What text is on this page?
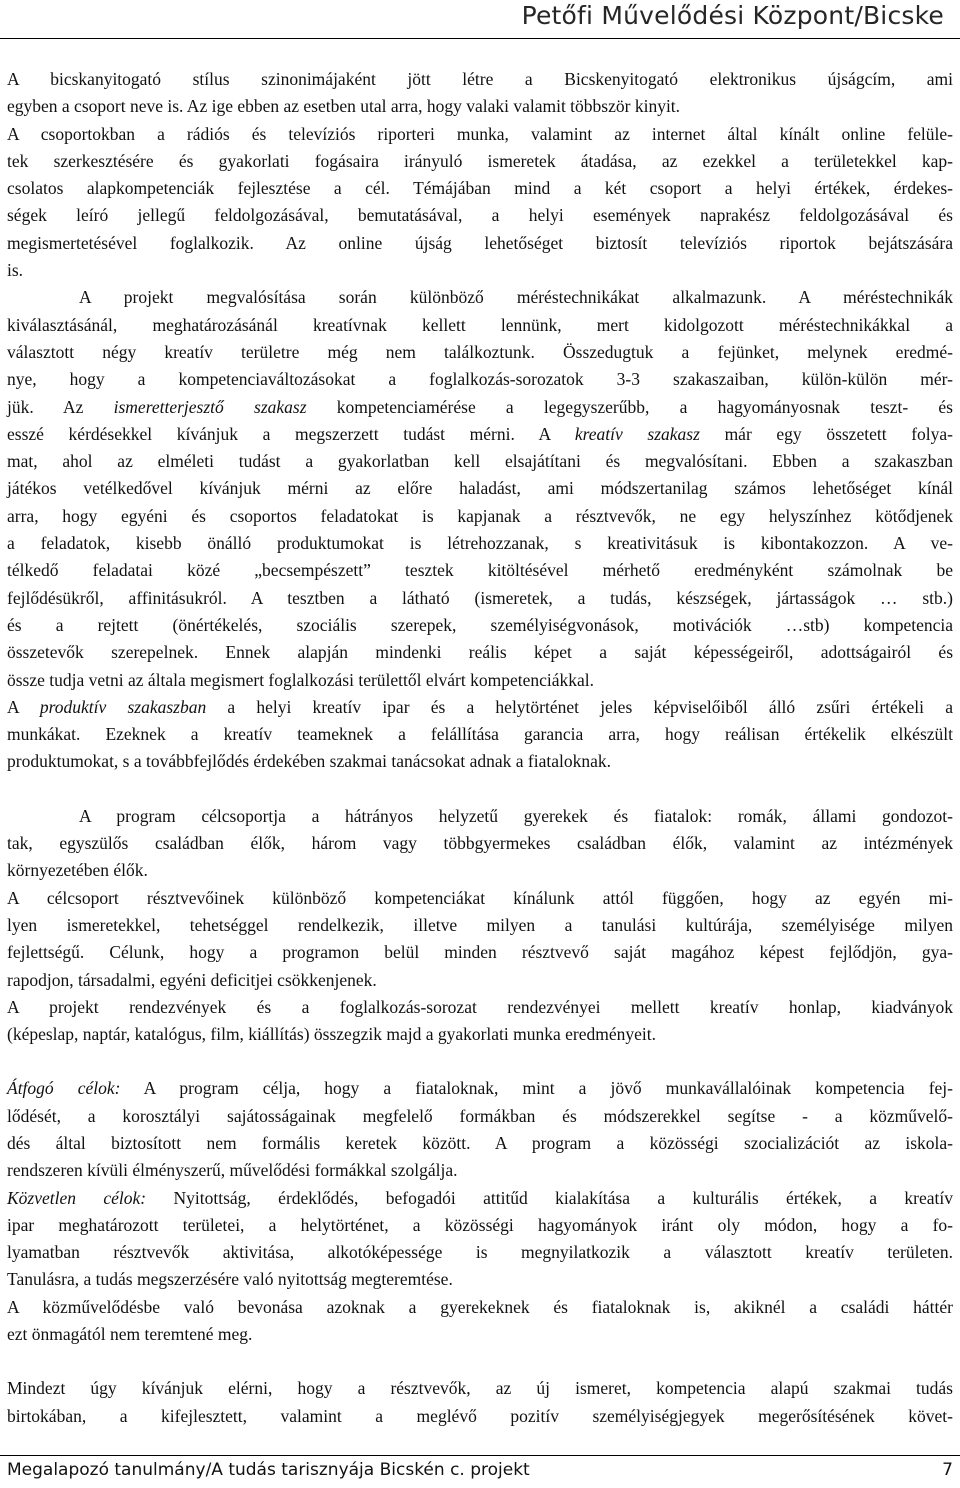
Petőfi Művelődési Központ/Bicske
A bicskanyitogató stílus szinonimájaként jött létre a Bicskenyitogató elektronikus újságcím, ami
egyben a csoport neve is. Az ige ebben az esetben utal arra, hogy valaki valamit többször kinyit.
A csoportokban a rádiós és televíziós riporteri munka, valamint az internet által kínált online felüle-
tek szerkesztésére és gyakorlati fogásaira irányuló ismeretek átadása, az ezekkel a területekkel kap-
csolatos alapkompetenciák fejlesztése a cél. Témájában mind a két csoport a helyi értékek, érdekes-
ségek leíró jellegű feldolgozásával, bemutatásával, a helyi események naprakész feldolgozásával és
megismertetésével foglalkozik. Az online újság lehetőséget biztosít televíziós riportok bejátszására
is.
A projekt megvalósítása során különböző méréstechnikákat alkalmazunk. A méréstechnikák
kiválasztásánál, meghatározásánál kreatívnak kellett lennünk, mert kidolgozott méréstechnikákkal a
választott négy kreatív területre még nem találkoztunk. Összedugtuk a fejünket, melynek eredmé-
nye, hogy a kompetenciaváltozásokat a foglalkozás-sorozatok 3-3 szakaszaiban, külön-külön mér-
jük. Az ismeretterjesztő szakasz kompetenciamérése a legegyszerűbb, a hagyományosnak teszt- és
esszé kérdésekkel kívánjuk a megszerzett tudást mérni. A kreatív szakasz már egy összetett folya-
mat, ahol az elméleti tudást a gyakorlatban kell elsajátítani és megvalósítani. Ebben a szakaszban
játékos vetélkedővel kívánjuk mérni az előre haladást, ami módszertanilag számos lehetőséget kínál
arra, hogy egyéni és csoportos feladatokat is kapjanak a résztvevők, ne egy helyszínhez kötődjenek
a feladatok, kisebb önálló produktumokat is létrehozzanak, s kreativitásuk is kibontakozzon. A ve-
télkedő feladatai közé „becsempészett” tesztek kitöltésével mérhető eredményként számolnak be
fejlődésükről, affinitásukról. A tesztben a látható (ismeretek, a tudás, készségek, jártasságok … stb.)
és a rejtett (önértékelés, szociális szerepek, személyiségvonások, motivációk …stb) kompetencia
összetevők szerepelnek. Ennek alapján mindenki reális képet a saját képességeiről, adottságairól és
össze tudja vetni az általa megismert foglalkozási területtől elvárt kompetenciákkal.
A produktív szakaszban a helyi kreatív ipar és a helytörténet jeles képviselőiből álló zsűri értékeli a
munkákat. Ezeknek a kreatív teameknek a felállítása garancia arra, hogy reálisan értékelik elkészült
produktumokat, s a továbbfejlődés érdekében szakmai tanácsokat adnak a fiataloknak.
A program célcsoportja a hátrányos helyzetű gyerekek és fiatalok: romák, állami gondozot-
tak, egyszülős családban élők, három vagy többgyermekes családban élők, valamint az intézmények
környezetében élők.
A célcsoport résztvevőinek különböző kompetenciákat kínálunk attól függően, hogy az egyén mi-
lyen ismeretekkel, tehetséggel rendelkezik, illetve milyen a tanulási kultúrája, személyisége milyen
fejlettségű. Célunk, hogy a programon belül minden résztvevő saját magához képest fejlődjön, gya-
rapodjon, társadalmi, egyéni deficitjei csökkenjenek.
A projekt rendezvények és a foglalkozás-sorozat rendezvényei mellett kreatív honlap, kiadványok
(képeslap, naptár, katalógus, film, kiállítás) összegzik majd a gyakorlati munka eredményeit.
Átfogó célok: A program célja, hogy a fiataloknak, mint a jövő munkavállalóinak kompetencia fej-
lődését, a korosztályi sajátosságainak megfelelő formákban és módszerekkel segítse - a közművelő-
dés által biztosított nem formális keretek között. A program a közösségi szocializációt az iskola-
rendszeren kívüli élményszerű, művelődési formákkal szolgálja.
Közvetlen célok: Nyitottság, érdeklődés, befogadói attitűd kialakítása a kulturális értékek, a kreatív
ipar meghatározott területei, a helytörténet, a közösségi hagyományok iránt oly módon, hogy a fo-
lyamatban résztvevők aktivitása, alkotóképessége is megnyilatkozik a választott kreatív területen.
Tanulásra, a tudás megszerzésére való nyitottság megteremtése.
A közművelődésbe való bevonása azoknak a gyerekeknek és fiataloknak is, akiknél a családi háttér
ezt önmagától nem teremtené meg.
Mindezt úgy kívánjuk elérni, hogy a résztvevők, az új ismeret, kompetencia alapú szakmai tudás
birtokában, a kifejlesztett, valamint a meglévő pozitív személyiségjegyek megerősítésének követ-
Megalapozó tanulmány/A tudás tarisznyája Bicskén c. projekt	7
